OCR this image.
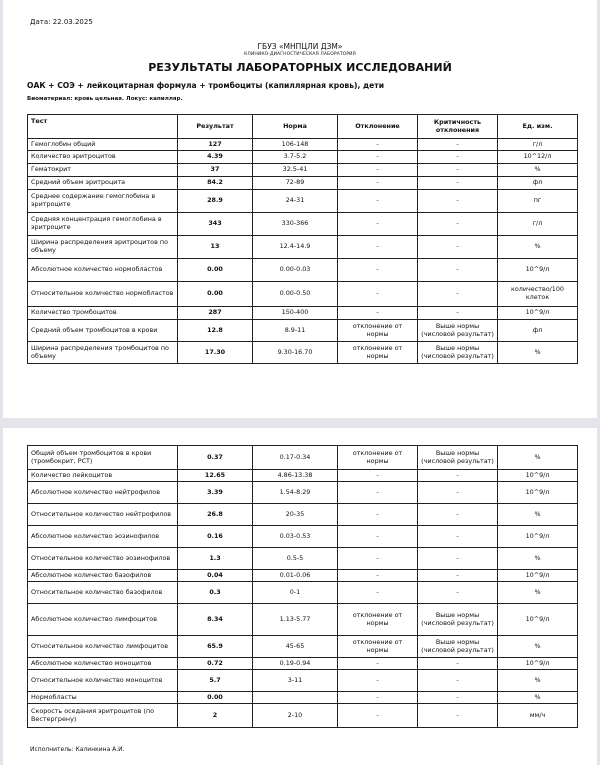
Дата: 22.03.2025
ГБУЗ «МНПЦЛИ ДЗМ»
КЛИНИКО-ДИАГНОСТИЧЕСКАЯ ЛАБОРАТОРИЯ
РЕЗУЛЬТАТЫ ЛАБОРАТОРНЫХ ИССЛЕДОВАНИЙ
ОАК + СОЭ + лейкоцитарная формула + тромбоциты (капиллярная кровь), дети
Биоматериал: кровь цельная. Локус: капилляр.
Тест	Результат	Норма	Отклонение	Критичность отклонения	Ед. изм.
Гемоглобин общий	127	106-148	-	-	г/л
Количество эритроцитов	4.39	3.7-5.2	-	-	10^12/л
Гематокрит	37	32.5-41	-	-	%
Средний объем эритроцита	84.2	72-89	-	-	фл
Среднее содержание гемоглобина в эритроците	28.9	24-31	-	-	пг
Средняя концентрация гемоглобина в эритроците	343	330-366	-	-	г/л
Ширина распределения эритроцитов по объему	13	12.4-14.9	-	-	%
Абсолютное количество нормобластов	0.00	0.00-0.03	-	-	10^9/л
Относительное количество нормобластов	0.00	0.00-0.50	-	-	количество/100 клеток
Количество тромбоцитов	287	150-400	-	-	10^9/л
Средний объем тромбоцитов в крови	12.8	8.9-11	отклонение от нормы	Выше нормы (числовой результат)	фл
Ширина распределения тромбоцитов по объему	17.30	9.30-16.70	отклонение от нормы	Выше нормы (числовой результат)	%
Общий объем тромбоцитов в крови (тромбокрит, PCT)	0.37	0.17-0.34	отклонение от нормы	Выше нормы (числовой результат)	%
Количество лейкоцитов	12.65	4.86-13.38	-	-	10^9/л
Абсолютное количество нейтрофилов	3.39	1.54-8.29	-	-	10^9/л
Относительное количество нейтрофилов	26.8	20-35	-	-	%
Абсолютное количество эозинофилов	0.16	0.03-0.53	-	-	10^9/л
Относительное количество эозинофилов	1.3	0.5-5	-	-	%
Абсолютное количество базофилов	0.04	0.01-0.06	-	-	10^9/л
Относительное количество базофилов	0.3	0-1	-	-	%
Абсолютное количество лимфоцитов	8.34	1.13-5.77	отклонение от нормы	Выше нормы (числовой результат)	10^9/л
Относительное количество лимфоцитов	65.9	45-65	отклонение от нормы	Выше нормы (числовой результат)	%
Абсолютное количество моноцитов	0.72	0.19-0.94	-	-	10^9/л
Относительное количество моноцитов	5.7	3-11	-	-	%
Нормобласты	0.00		-	-	%
Скорость оседания эритроцитов (по Вестергрену)	2	2-10	-	-	мм/ч
Исполнитель: Калинкина А.И.
